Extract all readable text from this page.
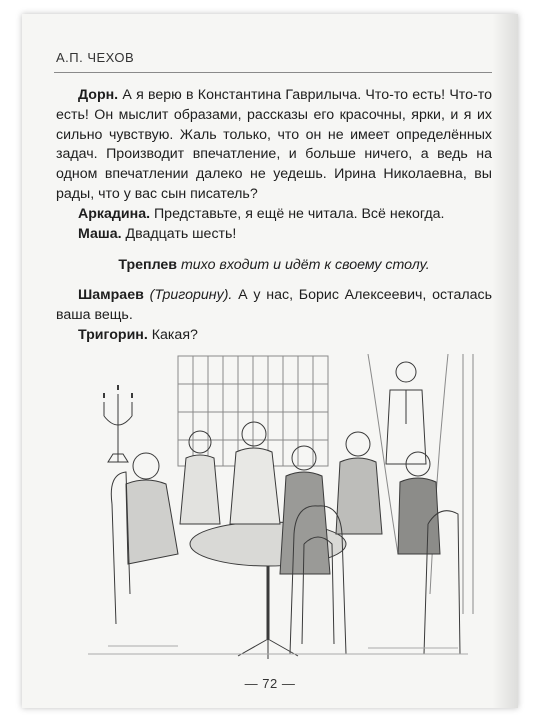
А.П. ЧЕХОВ

Дорн. А я верю в Константина Гаврилыча. Что-то есть! Что-то есть! Он мыслит образами, рассказы его красочны, ярки, и я их сильно чувствую. Жаль только, что он не имеет определённых задач. Производит впечатление, и больше ничего, а ведь на одном впечатлении далеко не уедешь. Ирина Николаевна, вы рады, что у вас сын писатель?

Аркадина. Представьте, я ещё не читала. Всё некогда.

Маша. Двадцать шесть!

Треплев тихо входит и идёт к своему столу.

Шамраев (Тригорину). А у нас, Борис Алексеевич, осталась ваша вещь.

Тригорин. Какая?

— 72 —
